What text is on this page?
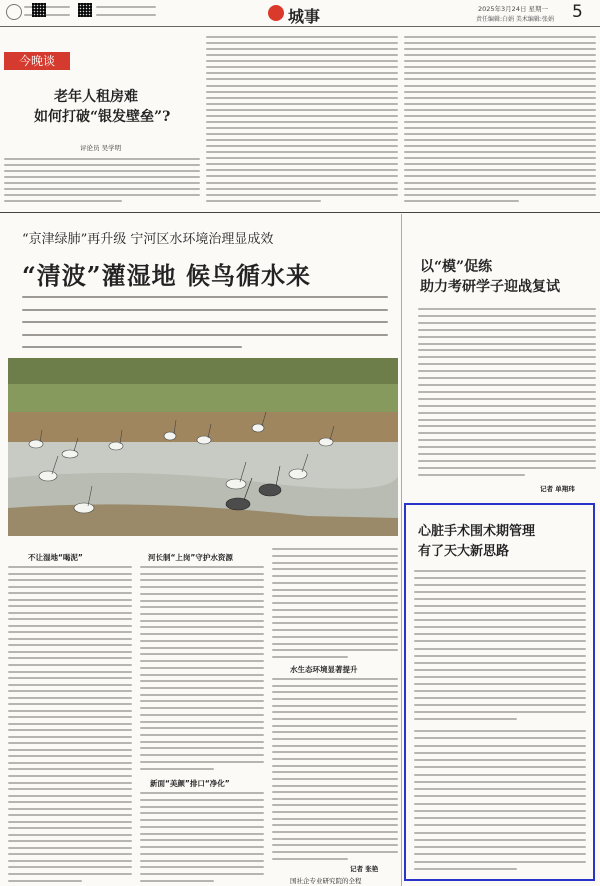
城事	2025年3月24日 星期一
责任编辑:白娟 美术编辑:张娟 5
今晚谈
老年人租房难
如何打破“银发壁垒”?
评论员 吴学明
“京津绿肺”再升级 宁河区水环境治理显成效
“清波”灌湿地 候鸟循水来
不让湿地“喝泥”	河长制“上岗”守护水资源
新面“美颜”排口“净化”
水生态环境显著提升
记者 张艳
国社企专业研究院的全程
以“模”促练
助力考研学子迎战复试
记者 单翔玮
心脏手术围术期管理
有了天大新思路
